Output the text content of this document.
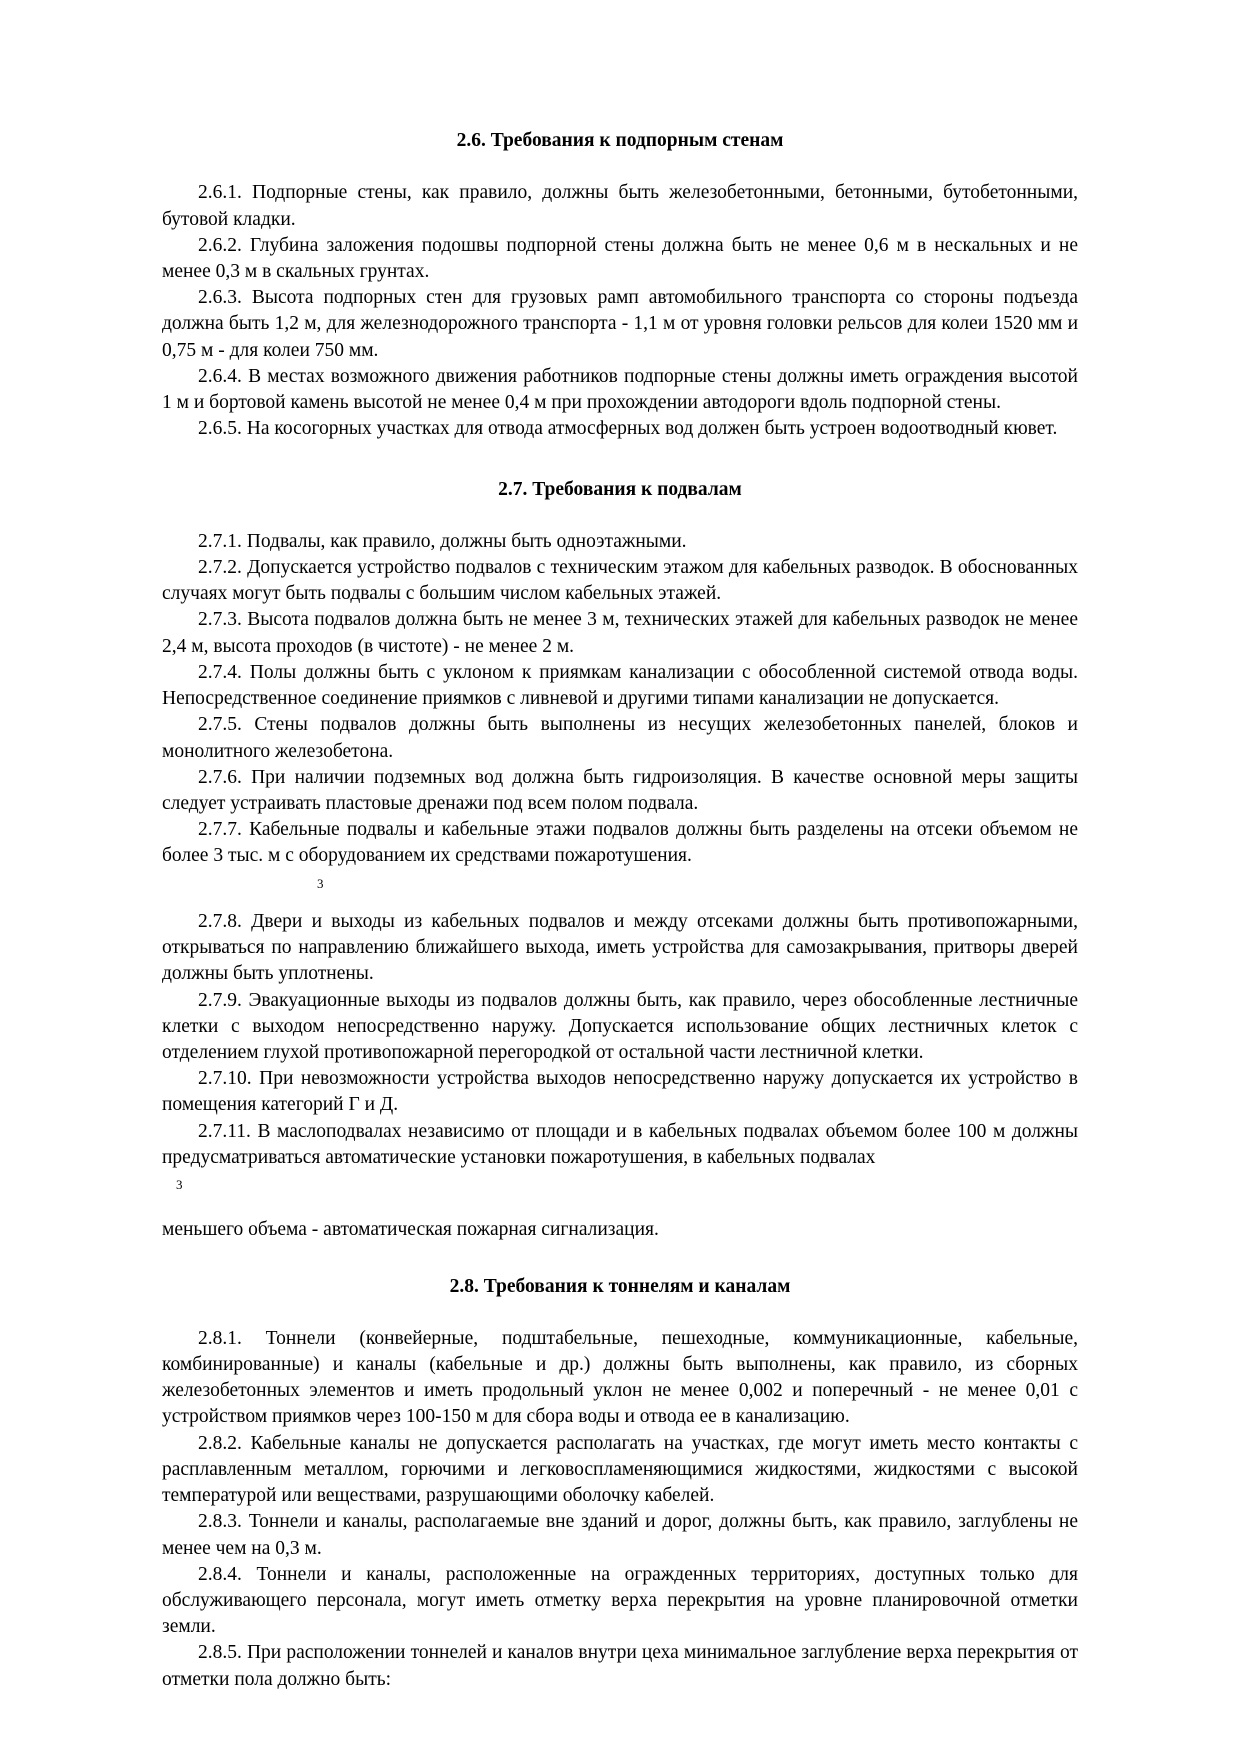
2.6. Требования к подпорным стенам

2.6.1. Подпорные стены, как правило, должны быть железобетонными, бетонными, бутобетонными, бутовой кладки.

2.6.2. Глубина заложения подошвы подпорной стены должна быть не менее 0,6 м в нескальных и не менее 0,3 м в скальных грунтах.

2.6.3. Высота подпорных стен для грузовых рамп автомобильного транспорта со стороны подъезда должна быть 1,2 м, для железнодорожного транспорта - 1,1 м от уровня головки рельсов для колеи 1520 мм и 0,75 м - для колеи 750 мм.

2.6.4. В местах возможного движения работников подпорные стены должны иметь ограждения высотой 1 м и бортовой камень высотой не менее 0,4 м при прохождении автодороги вдоль подпорной стены.

2.6.5. На косогорных участках для отвода атмосферных вод должен быть устроен водоотводный кювет.

2.7. Требования к подвалам

2.7.1. Подвалы, как правило, должны быть одноэтажными.

2.7.2. Допускается устройство подвалов с техническим этажом для кабельных разводок. В обоснованных случаях могут быть подвалы с большим числом кабельных этажей.

2.7.3. Высота подвалов должна быть не менее 3 м, технических этажей для кабельных разводок не менее 2,4 м, высота проходов (в чистоте) - не менее 2 м.

2.7.4. Полы должны быть с уклоном к приямкам канализации с обособленной системой отвода воды. Непосредственное соединение приямков с ливневой и другими типами канализации не допускается.

2.7.5. Стены подвалов должны быть выполнены из несущих железобетонных панелей, блоков и монолитного железобетона.

2.7.6. При наличии подземных вод должна быть гидроизоляция. В качестве основной меры защиты следует устраивать пластовые дренажи под всем полом подвала.

2.7.7. Кабельные подвалы и кабельные этажи подвалов должны быть разделены на отсеки объемом не более 3 тыс. м с оборудованием их средствами пожаротушения.

3

2.7.8. Двери и выходы из кабельных подвалов и между отсеками должны быть противопожарными, открываться по направлению ближайшего выхода, иметь устройства для самозакрывания, притворы дверей должны быть уплотнены.

2.7.9. Эвакуационные выходы из подвалов должны быть, как правило, через обособленные лестничные клетки с выходом непосредственно наружу. Допускается использование общих лестничных клеток с отделением глухой противопожарной перегородкой от остальной части лестничной клетки.

2.7.10. При невозможности устройства выходов непосредственно наружу допускается их устройство в помещения категорий Г и Д.

2.7.11. В маслоподвалах независимо от площади и в кабельных подвалах объемом более 100 м должны предусматриваться автоматические установки пожаротушения, в кабельных подвалах

3

меньшего объема - автоматическая пожарная сигнализация.

2.8. Требования к тоннелям и каналам

2.8.1. Тоннели (конвейерные, подштабельные, пешеходные, коммуникационные, кабельные, комбинированные) и каналы (кабельные и др.) должны быть выполнены, как правило, из сборных железобетонных элементов и иметь продольный уклон не менее 0,002 и поперечный - не менее 0,01 с устройством приямков через 100-150 м для сбора воды и отвода ее в канализацию.

2.8.2. Кабельные каналы не допускается располагать на участках, где могут иметь место контакты с расплавленным металлом, горючими и легковоспламеняющимися жидкостями, жидкостями с высокой температурой или веществами, разрушающими оболочку кабелей.

2.8.3. Тоннели и каналы, располагаемые вне зданий и дорог, должны быть, как правило, заглублены не менее чем на 0,3 м.

2.8.4. Тоннели и каналы, расположенные на огражденных территориях, доступных только для обслуживающего персонала, могут иметь отметку верха перекрытия на уровне планировочной отметки земли.

2.8.5. При расположении тоннелей и каналов внутри цеха минимальное заглубление верха перекрытия от отметки пола должно быть:
